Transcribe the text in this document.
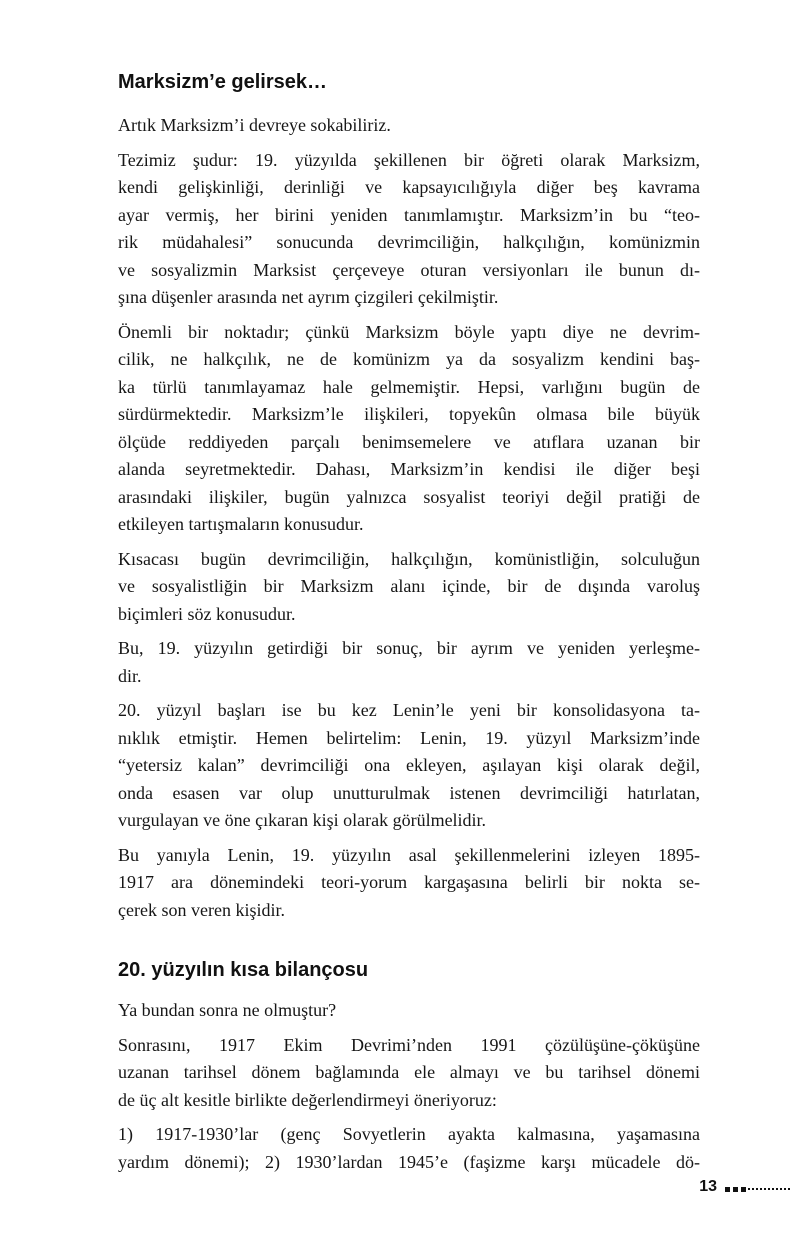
Marksizm’e gelirsek…
Artık Marksizm’i devreye sokabiliriz.
Tezimiz şudur: 19. yüzyılda şekillenen bir öğreti olarak Marksizm,
kendi gelişkinliği, derinliği ve kapsayıcılığıyla diğer beş kavrama
ayar vermiş, her birini yeniden tanımlamıştır. Marksizm’in bu “teo-
rik müdahalesi” sonucunda devrimciliğin, halkçılığın, komünizmin
ve sosyalizmin Marksist çerçeveye oturan versiyonları ile bunun dı-
şına düşenler arasında net ayrım çizgileri çekilmiştir.
Önemli bir noktadır; çünkü Marksizm böyle yaptı diye ne devrim-
cilik, ne halkçılık, ne de komünizm ya da sosyalizm kendini baş-
ka türlü tanımlayamaz hale gelmemiştir. Hepsi, varlığını bugün de
sürdürmektedir. Marksizm’le ilişkileri, topyekûn olmasa bile büyük
ölçüde reddiyeden parçalı benimsemelere ve atıflara uzanan bir
alanda seyretmektedir. Dahası, Marksizm’in kendisi ile diğer beşi
arasındaki ilişkiler, bugün yalnızca sosyalist teoriyi değil pratiği de
etkileyen tartışmaların konusudur.
Kısacası bugün devrimciliğin, halkçılığın, komünistliğin, solculuğun
ve sosyalistliğin bir Marksizm alanı içinde, bir de dışında varoluş
biçimleri söz konusudur.
Bu, 19. yüzyılın getirdiği bir sonuç, bir ayrım ve yeniden yerleşme-
dir.
20. yüzyıl başları ise bu kez Lenin’le yeni bir konsolidasyona ta-
nıklık etmiştir. Hemen belirtelim: Lenin, 19. yüzyıl Marksizm’inde
“yetersiz kalan” devrimciliği ona ekleyen, aşılayan kişi olarak değil,
onda esasen var olup unutturulmak istenen devrimciliği hatırlatan,
vurgulayan ve öne çıkaran kişi olarak görülmelidir.
Bu yanıyla Lenin, 19. yüzyılın asal şekillenmelerini izleyen 1895-
1917 ara dönemindeki teori-yorum kargaşasına belirli bir nokta se-
çerek son veren kişidir.
20. yüzyılın kısa bilançosu
Ya bundan sonra ne olmuştur?
Sonrasını, 1917 Ekim Devrimi’nden 1991 çözülüşüne-çöküşüne
uzanan tarihsel dönem bağlamında ele almayı ve bu tarihsel dönemi
de üç alt kesitle birlikte değerlendirmeyi öneriyoruz:
1) 1917-1930’lar (genç Sovyetlerin ayakta kalmasına, yaşamasına
yardım dönemi); 2) 1930’lardan 1945’e (faşizme karşı mücadele dö-
13
